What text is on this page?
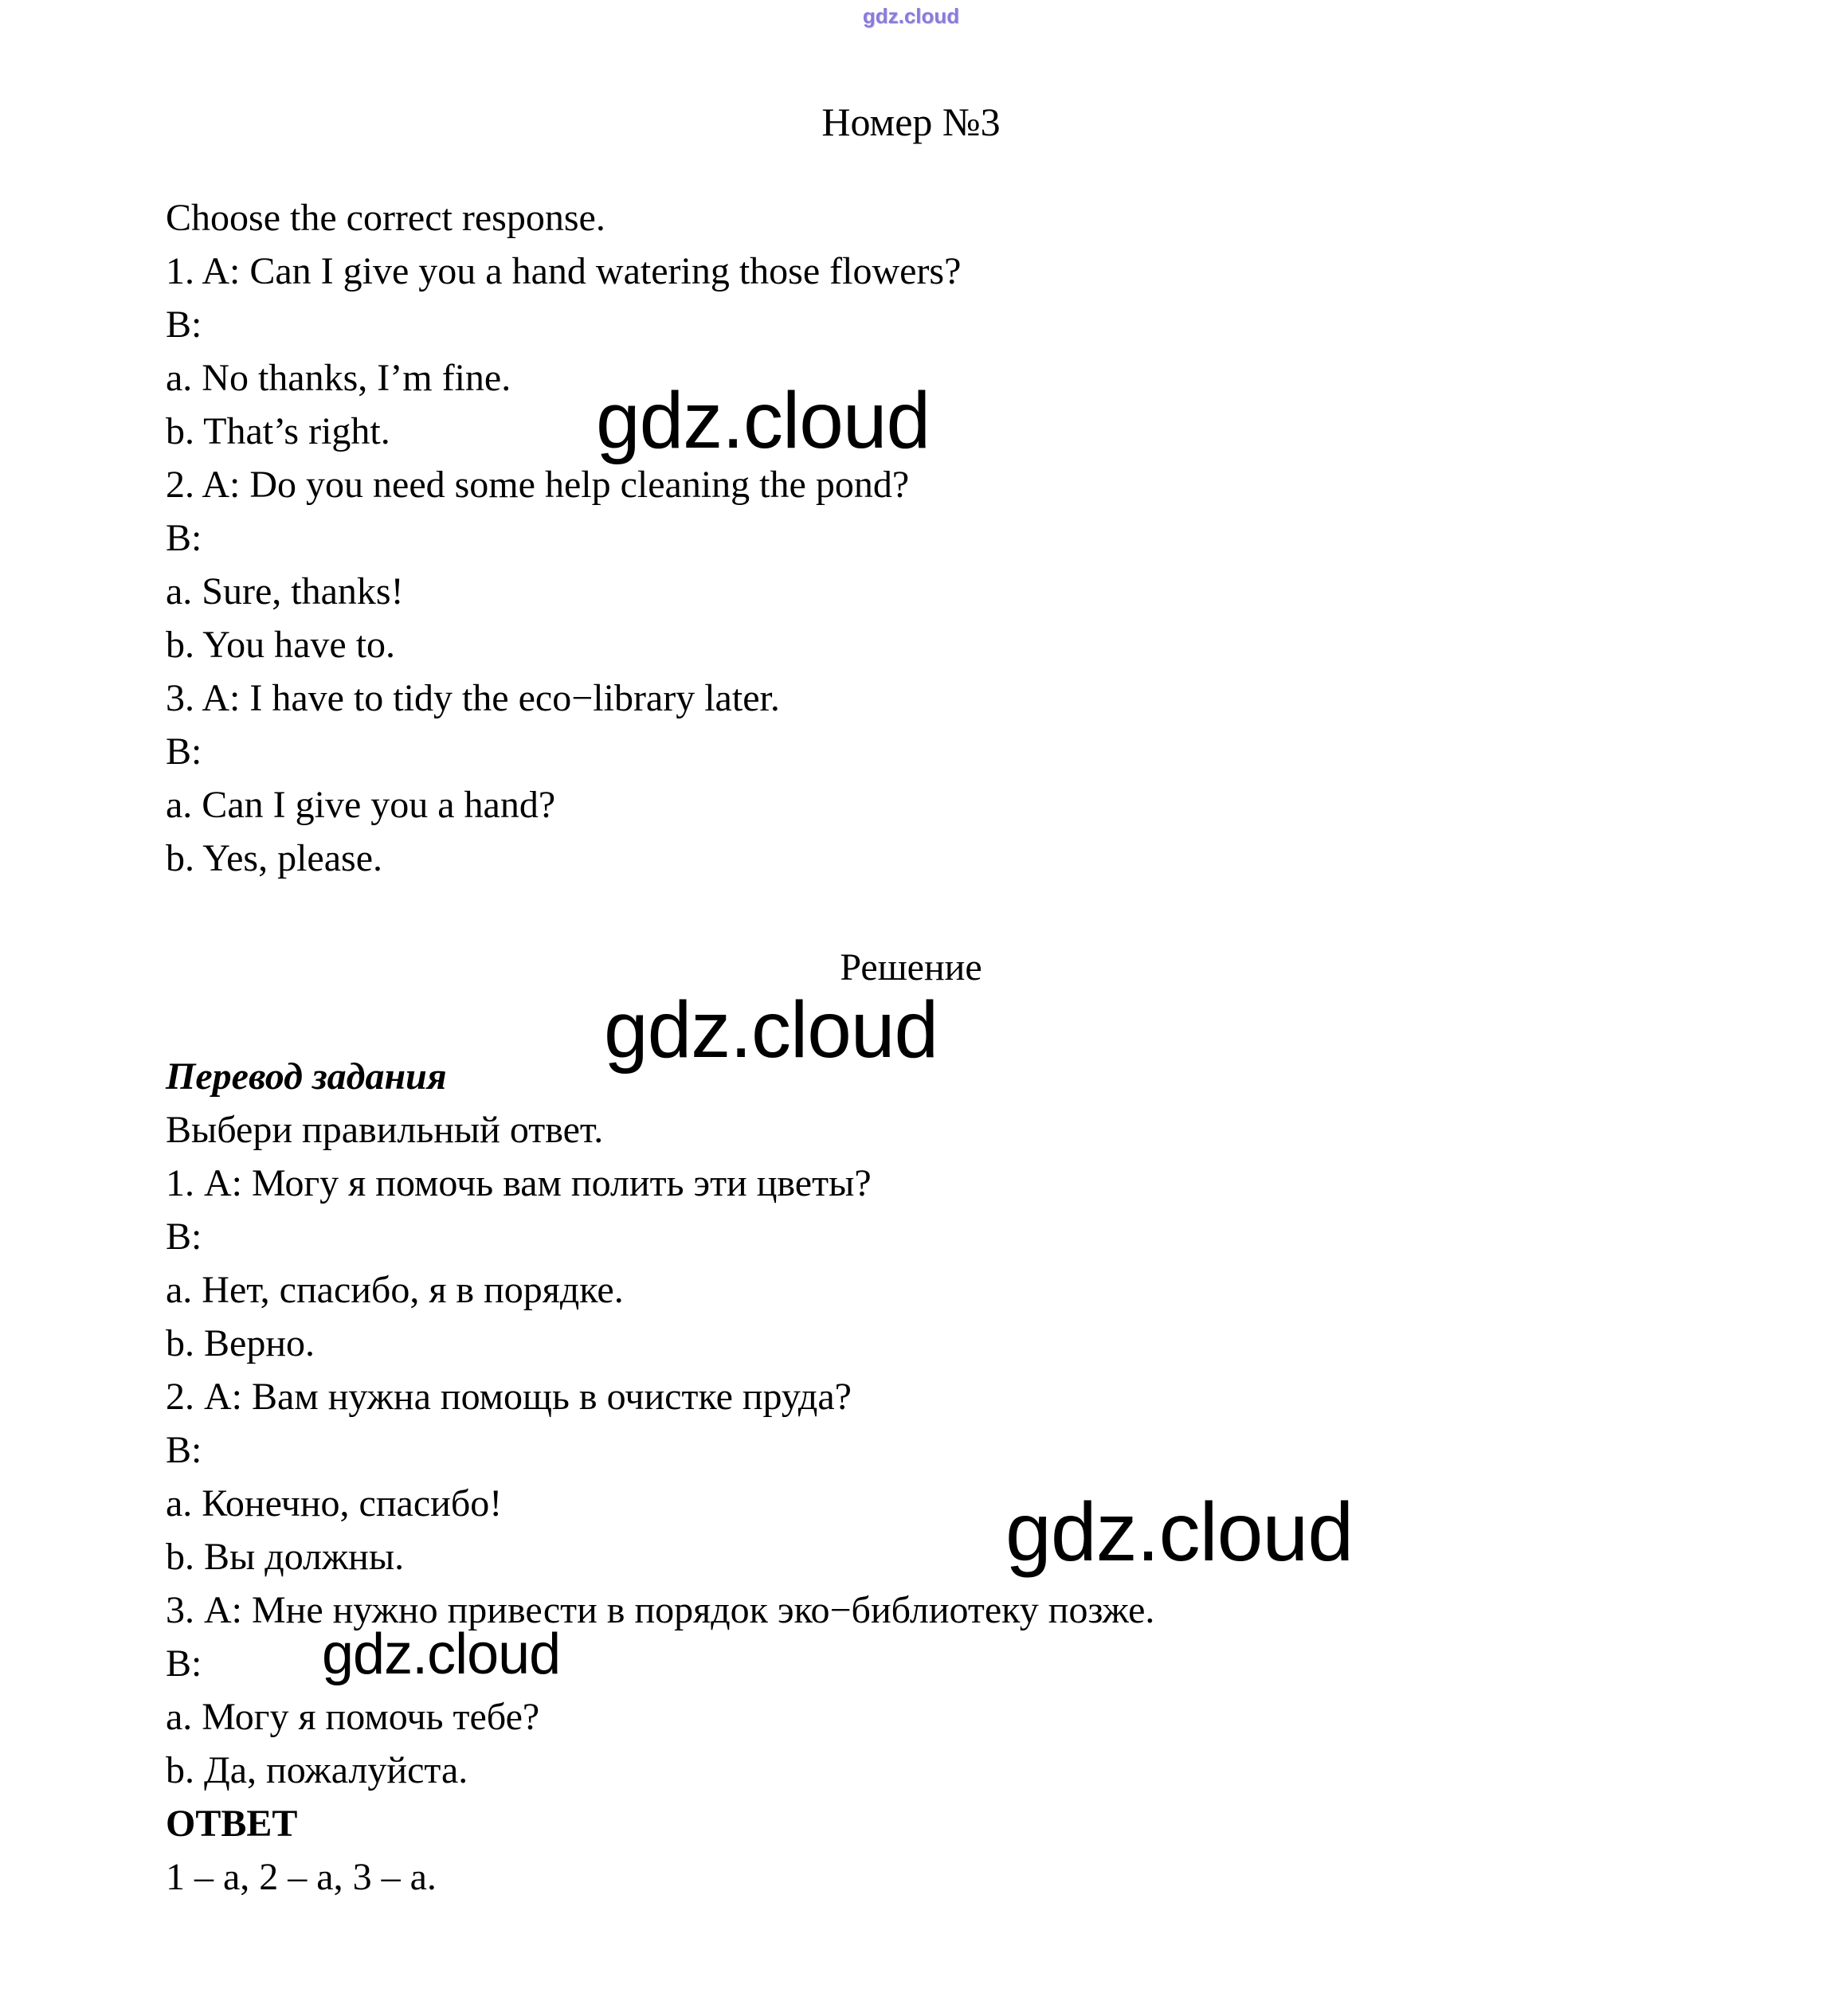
gdz.cloud
gdz.cloud
gdz.cloud
gdz.cloud
Номер №3

Choose the correct response.

1. A: Can I give you a hand watering those flowers?

B:

a. No thanks, I’m fine.

b. That’s right.

2. A: Do you need some help cleaning the pond?

B:

a. Sure, thanks!

b. You have to.

3. A: I have to tidy the eco−library later.

B:

a. Can I give you a hand?

b. Yes, please.

Решение
Перевод задания

Выбери правильный ответ.

1. А: Могу я помочь вам полить эти цветы?

B:

a. Нет, спасибо, я в порядке.

b. Верно.

2. А: Вам нужна помощь в очистке пруда?

B:

a. Конечно, спасибо!

b. Вы должны.

3. А: Мне нужно привести в порядок эко−библиотеку позже.

B: gdz.cloud

a. Могу я помочь тебе?

b. Да, пожалуйста.

ОТВЕТ

1 – a, 2 – a, 3 – a.
